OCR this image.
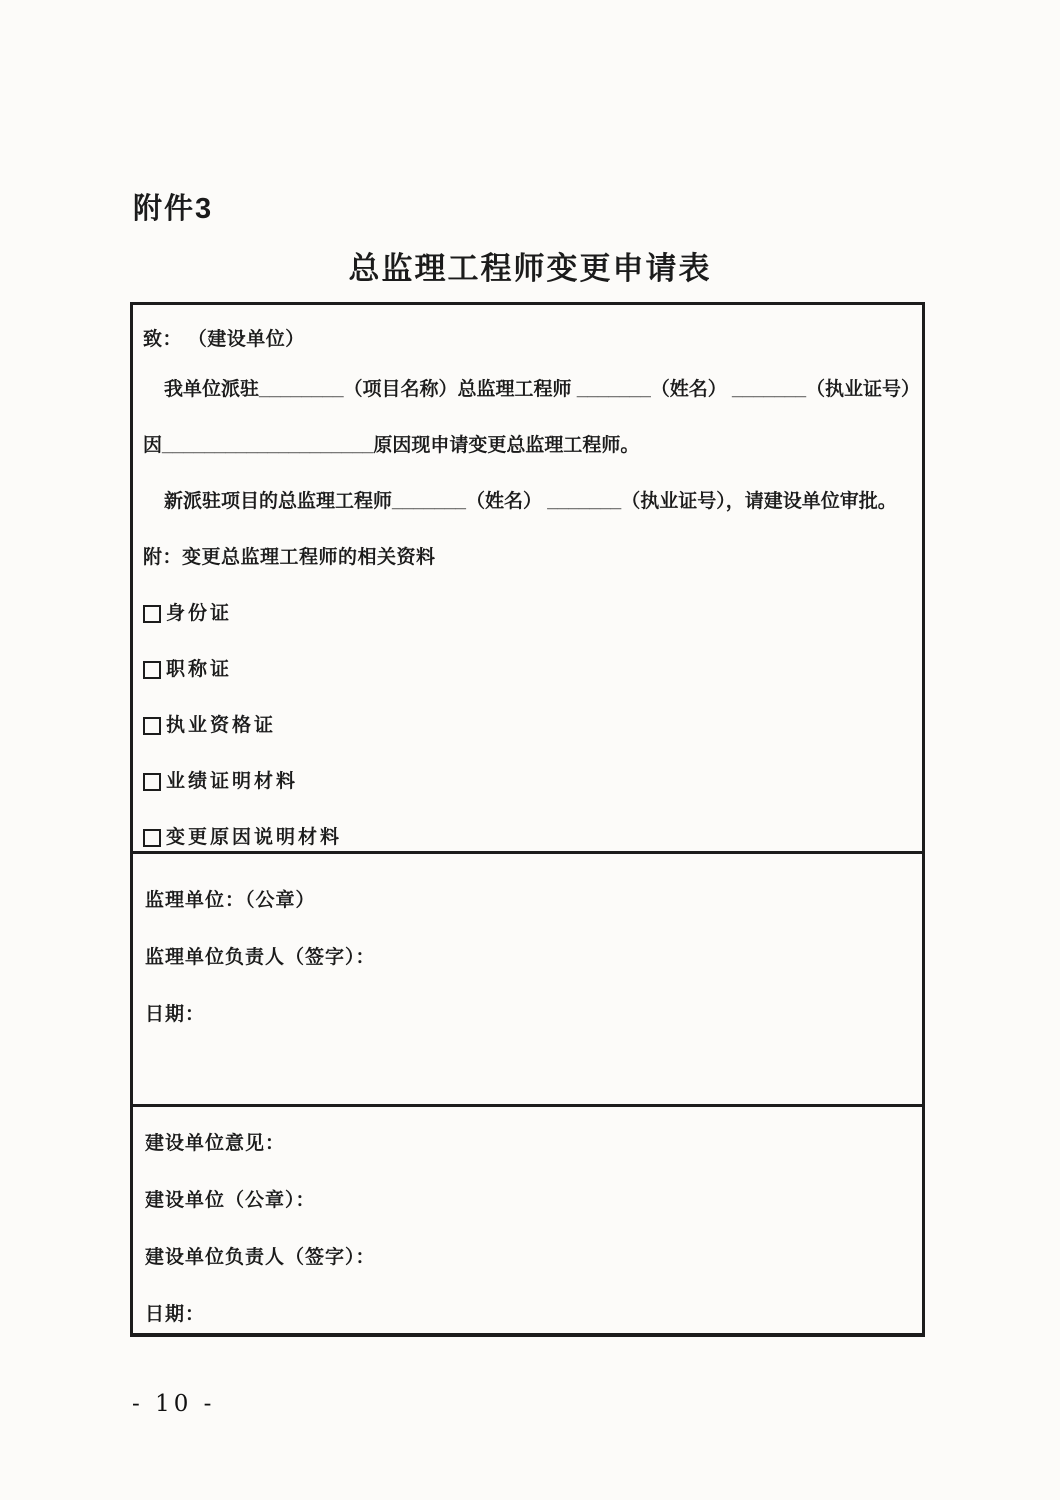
附件3
总监理工程师变更申请表

致： （建设单位）

我单位派驻________（项目名称）总监理工程师 _______（姓名） _______（执业证号）

因____________________原因现申请变更总监理工程师。

新派驻项目的总监理工程师_______（姓名） _______（执业证号），请建设单位审批。

附：变更总监理工程师的相关资料

身份证
职称证
执业资格证
业绩证明材料
变更原因说明材料

监理单位：（公章）

监理单位负责人（签字）：

日期：

建设单位意见：

建设单位（公章）：

建设单位负责人（签字）：

日期：

- 10 -
